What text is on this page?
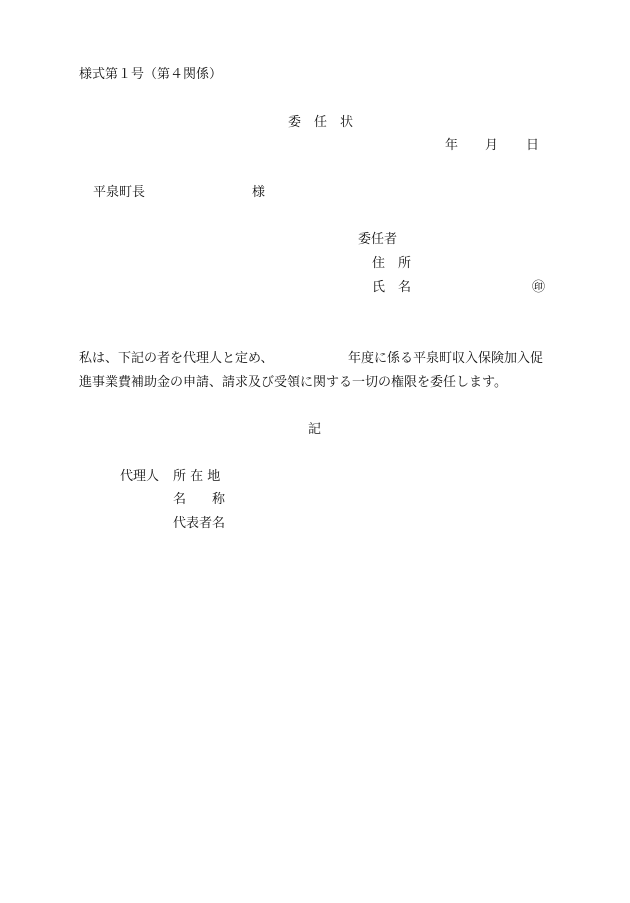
様式第１号（第４関係）
委　任　状
年 月 日
平泉町長	様
委任者
住　所
氏　名	㊞
私は、下記の者を代理人と定め、	年度に係る平泉町収入保険加入促
進事業費補助金の申請、請求及び受領に関する一切の権限を委任します。
記
代理人 所 在 地
名　　称
代表者名
